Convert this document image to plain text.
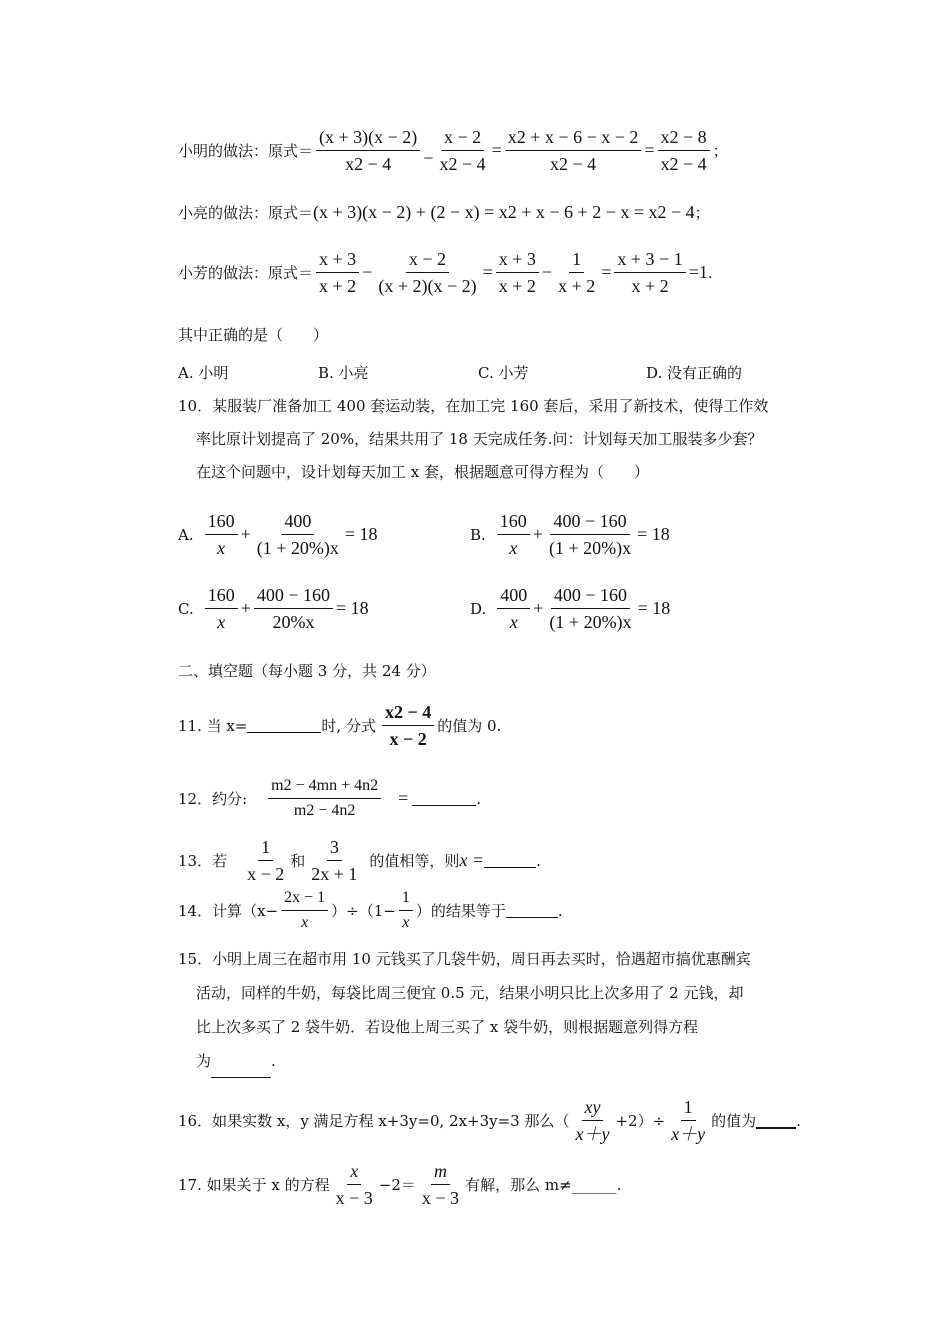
小明的做法：原式＝ $\frac{(x + 3)(x - 2)}{x2 - 4} - \frac{x - 2}{x2 - 4} = \frac{x2 + x - 6 - x - 2}{x2 - 4} = \frac{x2 - 8}{x2 - 4}$ ；
小亮的做法：原式＝ (x + 3)(x − 2) + (2 − x) = x2 + x − 6 + 2 − x = x2 − 4 ；
小芳的做法：原式＝ $\frac{x + 3}{x + 2} - \frac{x - 2}{(x + 2)(x - 2)} = \frac{x + 3}{x + 2} - \frac{1}{x + 2} = \frac{x + 3 - 1}{x + 2} = 1$ .
其中正确的是（　　）
A. 小明	B. 小亮	C. 小芳	D. 没有正确的
10．某服装厂准备加工 400 套运动装，在加工完 160 套后，采用了新技术，使得工作效
率比原计划提高了 20%，结果共用了 18 天完成任务.问：计划每天加工服装多少套？
在这个问题中，设计划每天加工 x 套，根据题意可得方程为（　　）
A. $\frac{160}{x} + \frac{400}{(1 + 20\%)x} = 18$	B. $\frac{160}{x} + \frac{400 - 160}{(1 + 20\%)x} = 18$
C. $\frac{160}{x} + \frac{400 - 160}{20\%x} = 18$	D. $\frac{400}{x} + \frac{400 - 160}{(1 + 20\%)x} = 18$
二、填空题（每小题 3 分，共 24 分）
11. 当 x=	时, 分式 $\frac{x2 - 4}{x - 2}$ 的值为 0.
12．约分: $\frac{m2 - 4mn + 4n2}{m2 - 4n2}$ =	.
13．若 $\frac{1}{x - 2}$ 和 $\frac{3}{2x + 1}$ 的值相等，则 x =	.
14．计算$(x- \frac{2x - 1}{x} )\div(1- \frac{1}{x}$ ）的结果等于	.
15．小明上周三在超市用 10 元钱买了几袋牛奶，周日再去买时，恰遇超市搞优惠酬宾
活动，同样的牛奶，每袋比周三便宜 0.5 元，结果小明只比上次多用了 2 元钱，却
比上次多买了 2 袋牛奶．若设他上周三买了 x 袋牛奶，则根据题意列得方程
为	.
16．如果实数 x，y 满足方程 x+3y=0, 2x+3y=3 那么（ $\frac{xy}{x+y} +2)\div \frac{1}{x+y}$ 的值为	.
17. 如果关于 x 的方程 $\frac{x}{x - 3} -2= \frac{m}{x - 3}$ 有解，那么 m≠______.
